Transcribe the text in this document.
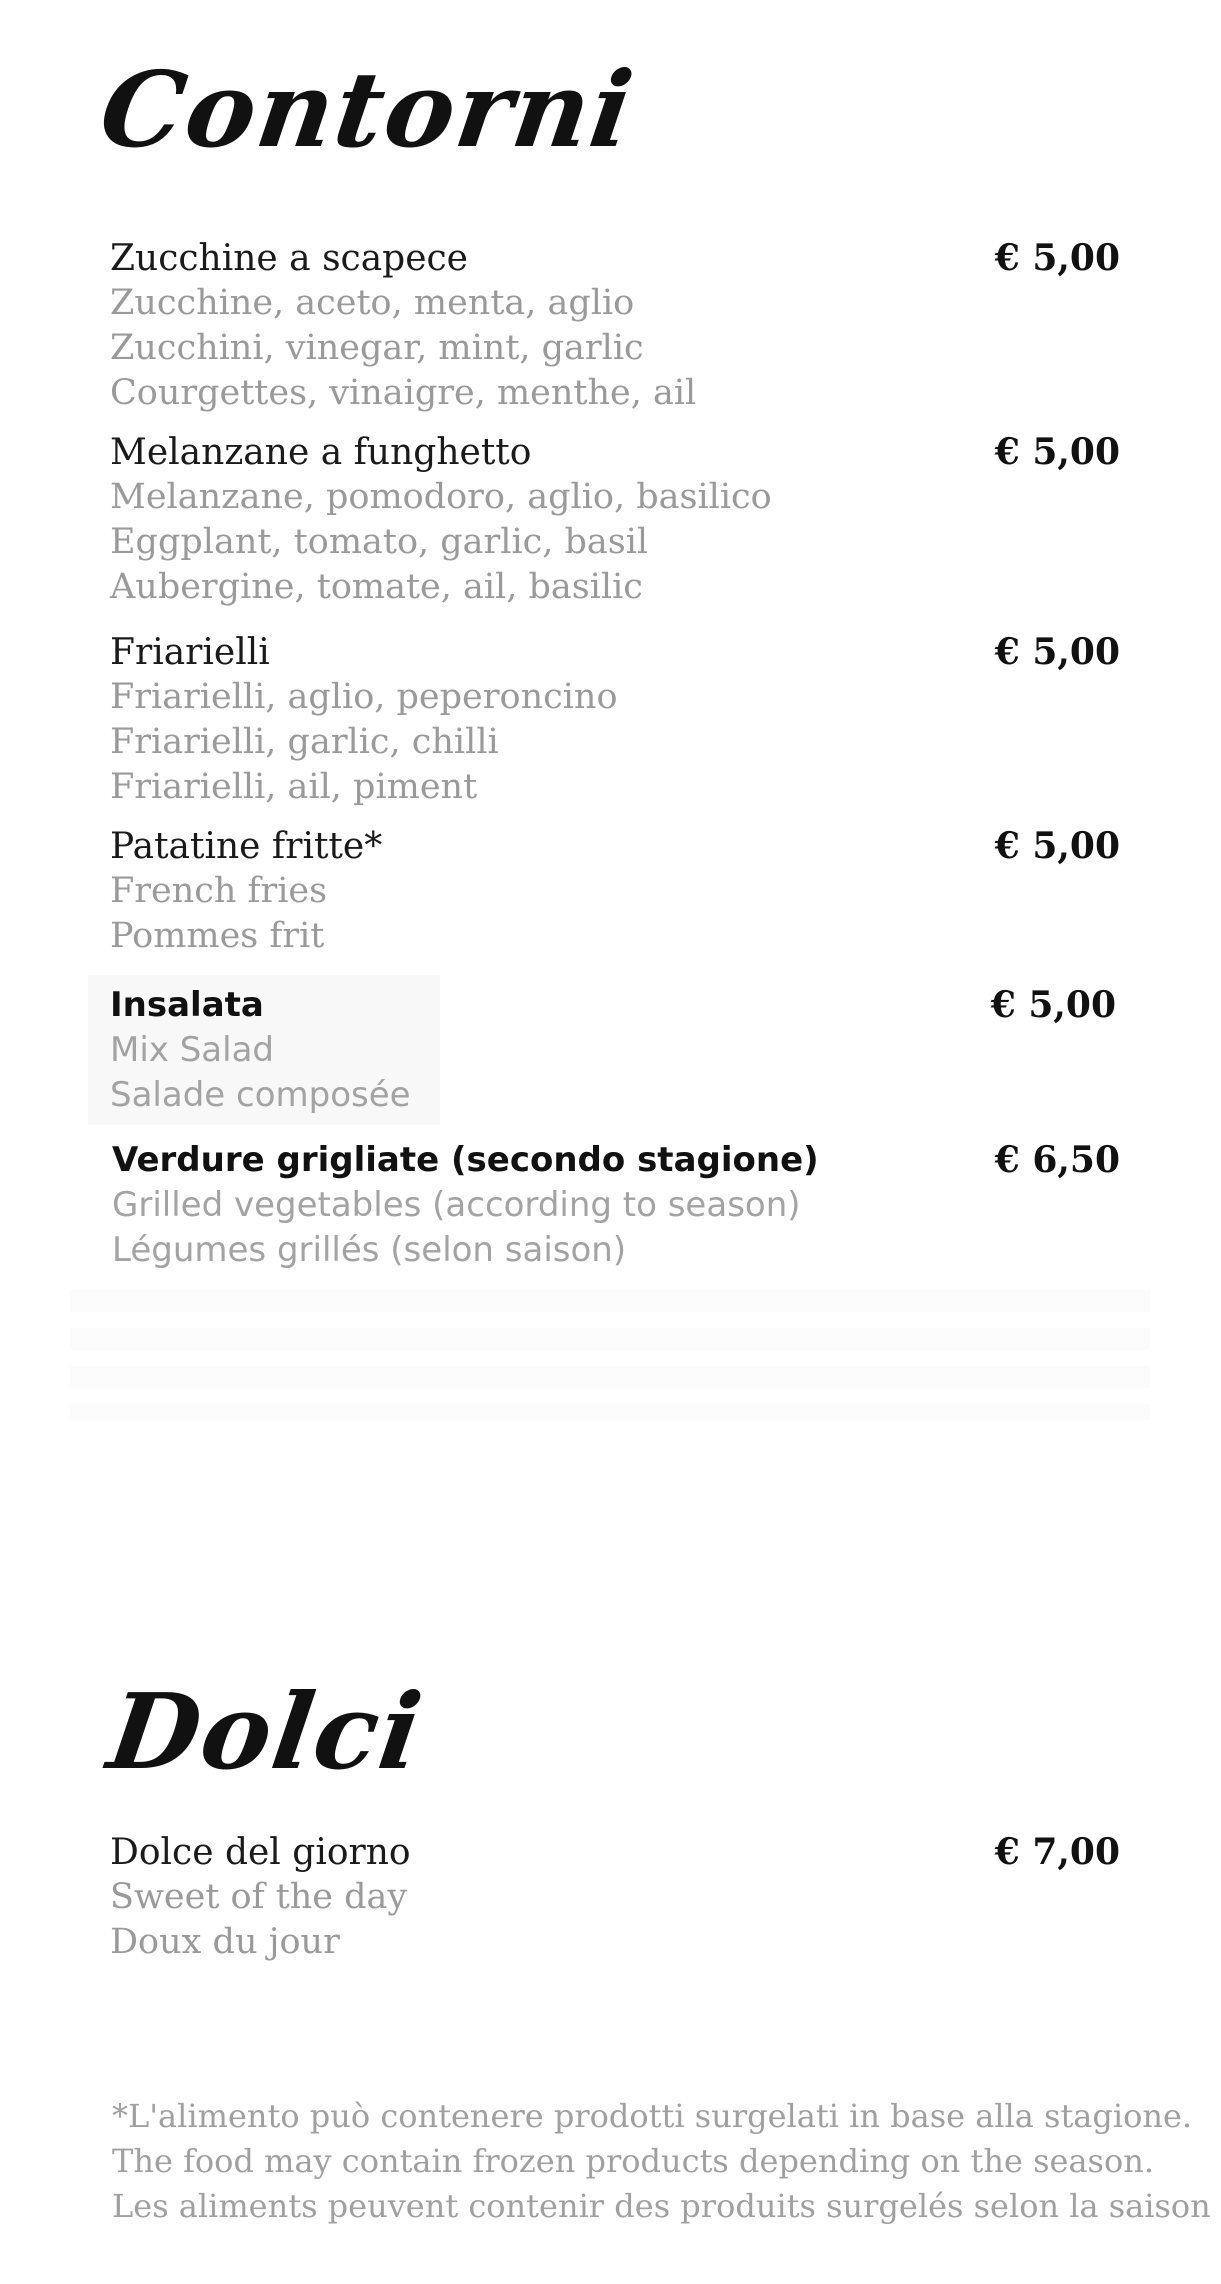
Contorni
Zucchine a scapece
Zucchine, aceto, menta, aglio
Zucchini, vinegar, mint, garlic
Courgettes, vinaigre, menthe, ail
€ 5,00
Melanzane a funghetto
Melanzane, pomodoro, aglio, basilico
Eggplant, tomato, garlic, basil
Aubergine, tomate, ail, basilic
€ 5,00
Friarielli
Friarielli, aglio, peperoncino
Friarielli, garlic, chilli
Friarielli, ail, piment
€ 5,00
Patatine fritte*
French fries
Pommes frit
€ 5,00
Insalata
Mix Salad
Salade composée
€ 5,00
Verdure grigliate (secondo stagione)
Grilled vegetables (according to season)
Légumes grillés (selon saison)
€ 6,50
Dolci
Dolce del giorno
Sweet of the day
Doux du jour
€ 7,00
*L'alimento può contenere prodotti surgelati in base alla stagione.
The food may contain frozen products depending on the season.
Les aliments peuvent contenir des produits surgelés selon la saison
